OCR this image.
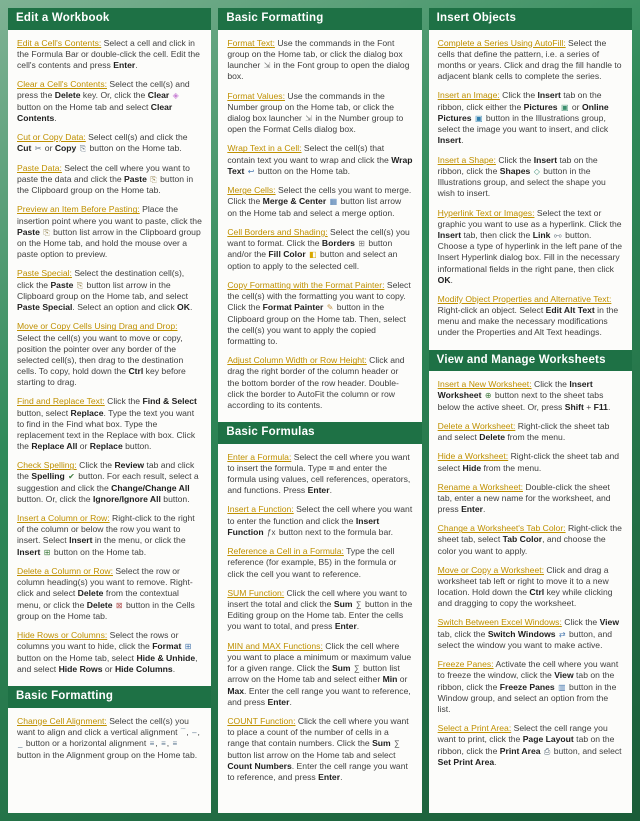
Edit a Workbook

Edit a Cell's Contents: Select a cell and click in the Formula Bar or double-click the cell. Edit the cell's contents and press Enter.

Clear a Cell's Contents: Select the cell(s) and press the Delete key. Or, click the Clear ◈ button on the Home tab and select Clear Contents.

Cut or Copy Data: Select cell(s) and click the Cut ✂ or Copy ⎘ button on the Home tab.

Paste Data: Select the cell where you want to paste the data and click the Paste ⎘ button in the Clipboard group on the Home tab.

Preview an Item Before Pasting: Place the insertion point where you want to paste, click the Paste ⎘ button list arrow in the Clipboard group on the Home tab, and hold the mouse over a paste option to preview.

Paste Special: Select the destination cell(s), click the Paste ⎘ button list arrow in the Clipboard group on the Home tab, and select Paste Special. Select an option and click OK.

Move or Copy Cells Using Drag and Drop: Select the cell(s) you want to move or copy, position the pointer over any border of the selected cell(s), then drag to the destination cells. To copy, hold down the Ctrl key before starting to drag.

Find and Replace Text: Click the Find & Select button, select Replace. Type the text you want to find in the Find what box. Type the replacement text in the Replace with box. Click the Replace All or Replace button.

Check Spelling: Click the Review tab and click the Spelling ✔ button. For each result, select a suggestion and click the Change/Change All button. Or, click the Ignore/Ignore All button.

Insert a Column or Row: Right-click to the right of the column or below the row you want to insert. Select Insert in the menu, or click the Insert ⊞ button on the Home tab.

Delete a Column or Row: Select the row or column heading(s) you want to remove. Right-click and select Delete from the contextual menu, or click the Delete ⊠ button in the Cells group on the Home tab.

Hide Rows or Columns: Select the rows or columns you want to hide, click the Format ⊞ button on the Home tab, select Hide & Unhide, and select Hide Rows or Hide Columns.

Basic Formatting

Change Cell Alignment: Select the cell(s) you want to align and click a vertical alignment ¯, ‒, _ button or a horizontal alignment ≡, ≡, ≡ button in the Alignment group on the Home tab.

Basic Formatting

Format Text: Use the commands in the Font group on the Home tab, or click the dialog box launcher ⇲ in the Font group to open the dialog box.

Format Values: Use the commands in the Number group on the Home tab, or click the dialog box launcher ⇲ in the Number group to open the Format Cells dialog box.

Wrap Text in a Cell: Select the cell(s) that contain text you want to wrap and click the Wrap Text ↩ button on the Home tab.

Merge Cells: Select the cells you want to merge. Click the Merge & Center ▦ button list arrow on the Home tab and select a merge option.

Cell Borders and Shading: Select the cell(s) you want to format. Click the Borders ⊞ button and/or the Fill Color ◧ button and select an option to apply to the selected cell.

Copy Formatting with the Format Painter: Select the cell(s) with the formatting you want to copy. Click the Format Painter ✎ button in the Clipboard group on the Home tab. Then, select the cell(s) you want to apply the copied formatting to.

Adjust Column Width or Row Height: Click and drag the right border of the column header or the bottom border of the row header. Double-click the border to AutoFit the column or row according to its contents.

Basic Formulas

Enter a Formula: Select the cell where you want to insert the formula. Type = and enter the formula using values, cell references, operators, and functions. Press Enter.

Insert a Function: Select the cell where you want to enter the function and click the Insert Function ƒx button next to the formula bar.

Reference a Cell in a Formula: Type the cell reference (for example, B5) in the formula or click the cell you want to reference.

SUM Function: Click the cell where you want to insert the total and click the Sum ∑ button in the Editing group on the Home tab. Enter the cells you want to total, and press Enter.

MIN and MAX Functions: Click the cell where you want to place a minimum or maximum value for a given range. Click the Sum ∑ button list arrow on the Home tab and select either Min or Max. Enter the cell range you want to reference, and press Enter.

COUNT Function: Click the cell where you want to place a count of the number of cells in a range that contain numbers. Click the Sum ∑ button list arrow on the Home tab and select Count Numbers. Enter the cell range you want to reference, and press Enter.

Insert Objects

Complete a Series Using AutoFill: Select the cells that define the pattern, i.e. a series of months or years. Click and drag the fill handle to adjacent blank cells to complete the series.

Insert an Image: Click the Insert tab on the ribbon, click either the Pictures ▣ or Online Pictures ▣ button in the Illustrations group, select the image you want to insert, and click Insert.

Insert a Shape: Click the Insert tab on the ribbon, click the Shapes ◇ button in the Illustrations group, and select the shape you wish to insert.

Hyperlink Text or Images: Select the text or graphic you want to use as a hyperlink. Click the Insert tab, then click the Link ⧟ button. Choose a type of hyperlink in the left pane of the Insert Hyperlink dialog box. Fill in the necessary informational fields in the right pane, then click OK.

Modify Object Properties and Alternative Text: Right-click an object. Select Edit Alt Text in the menu and make the necessary modifications under the Properties and Alt Text headings.

View and Manage Worksheets

Insert a New Worksheet: Click the Insert Worksheet ⊕ button next to the sheet tabs below the active sheet. Or, press Shift + F11.

Delete a Worksheet: Right-click the sheet tab and select Delete from the menu.

Hide a Worksheet: Right-click the sheet tab and select Hide from the menu.

Rename a Worksheet: Double-click the sheet tab, enter a new name for the worksheet, and press Enter.

Change a Worksheet's Tab Color: Right-click the sheet tab, select Tab Color, and choose the color you want to apply.

Move or Copy a Worksheet: Click and drag a worksheet tab left or right to move it to a new location. Hold down the Ctrl key while clicking and dragging to copy the worksheet.

Switch Between Excel Windows: Click the View tab, click the Switch Windows ⇄ button, and select the window you want to make active.

Freeze Panes: Activate the cell where you want to freeze the window, click the View tab on the ribbon, click the Freeze Panes ▥ button in the Window group, and select an option from the list.

Select a Print Area: Select the cell range you want to print, click the Page Layout tab on the ribbon, click the Print Area ⎙ button, and select Set Print Area.
